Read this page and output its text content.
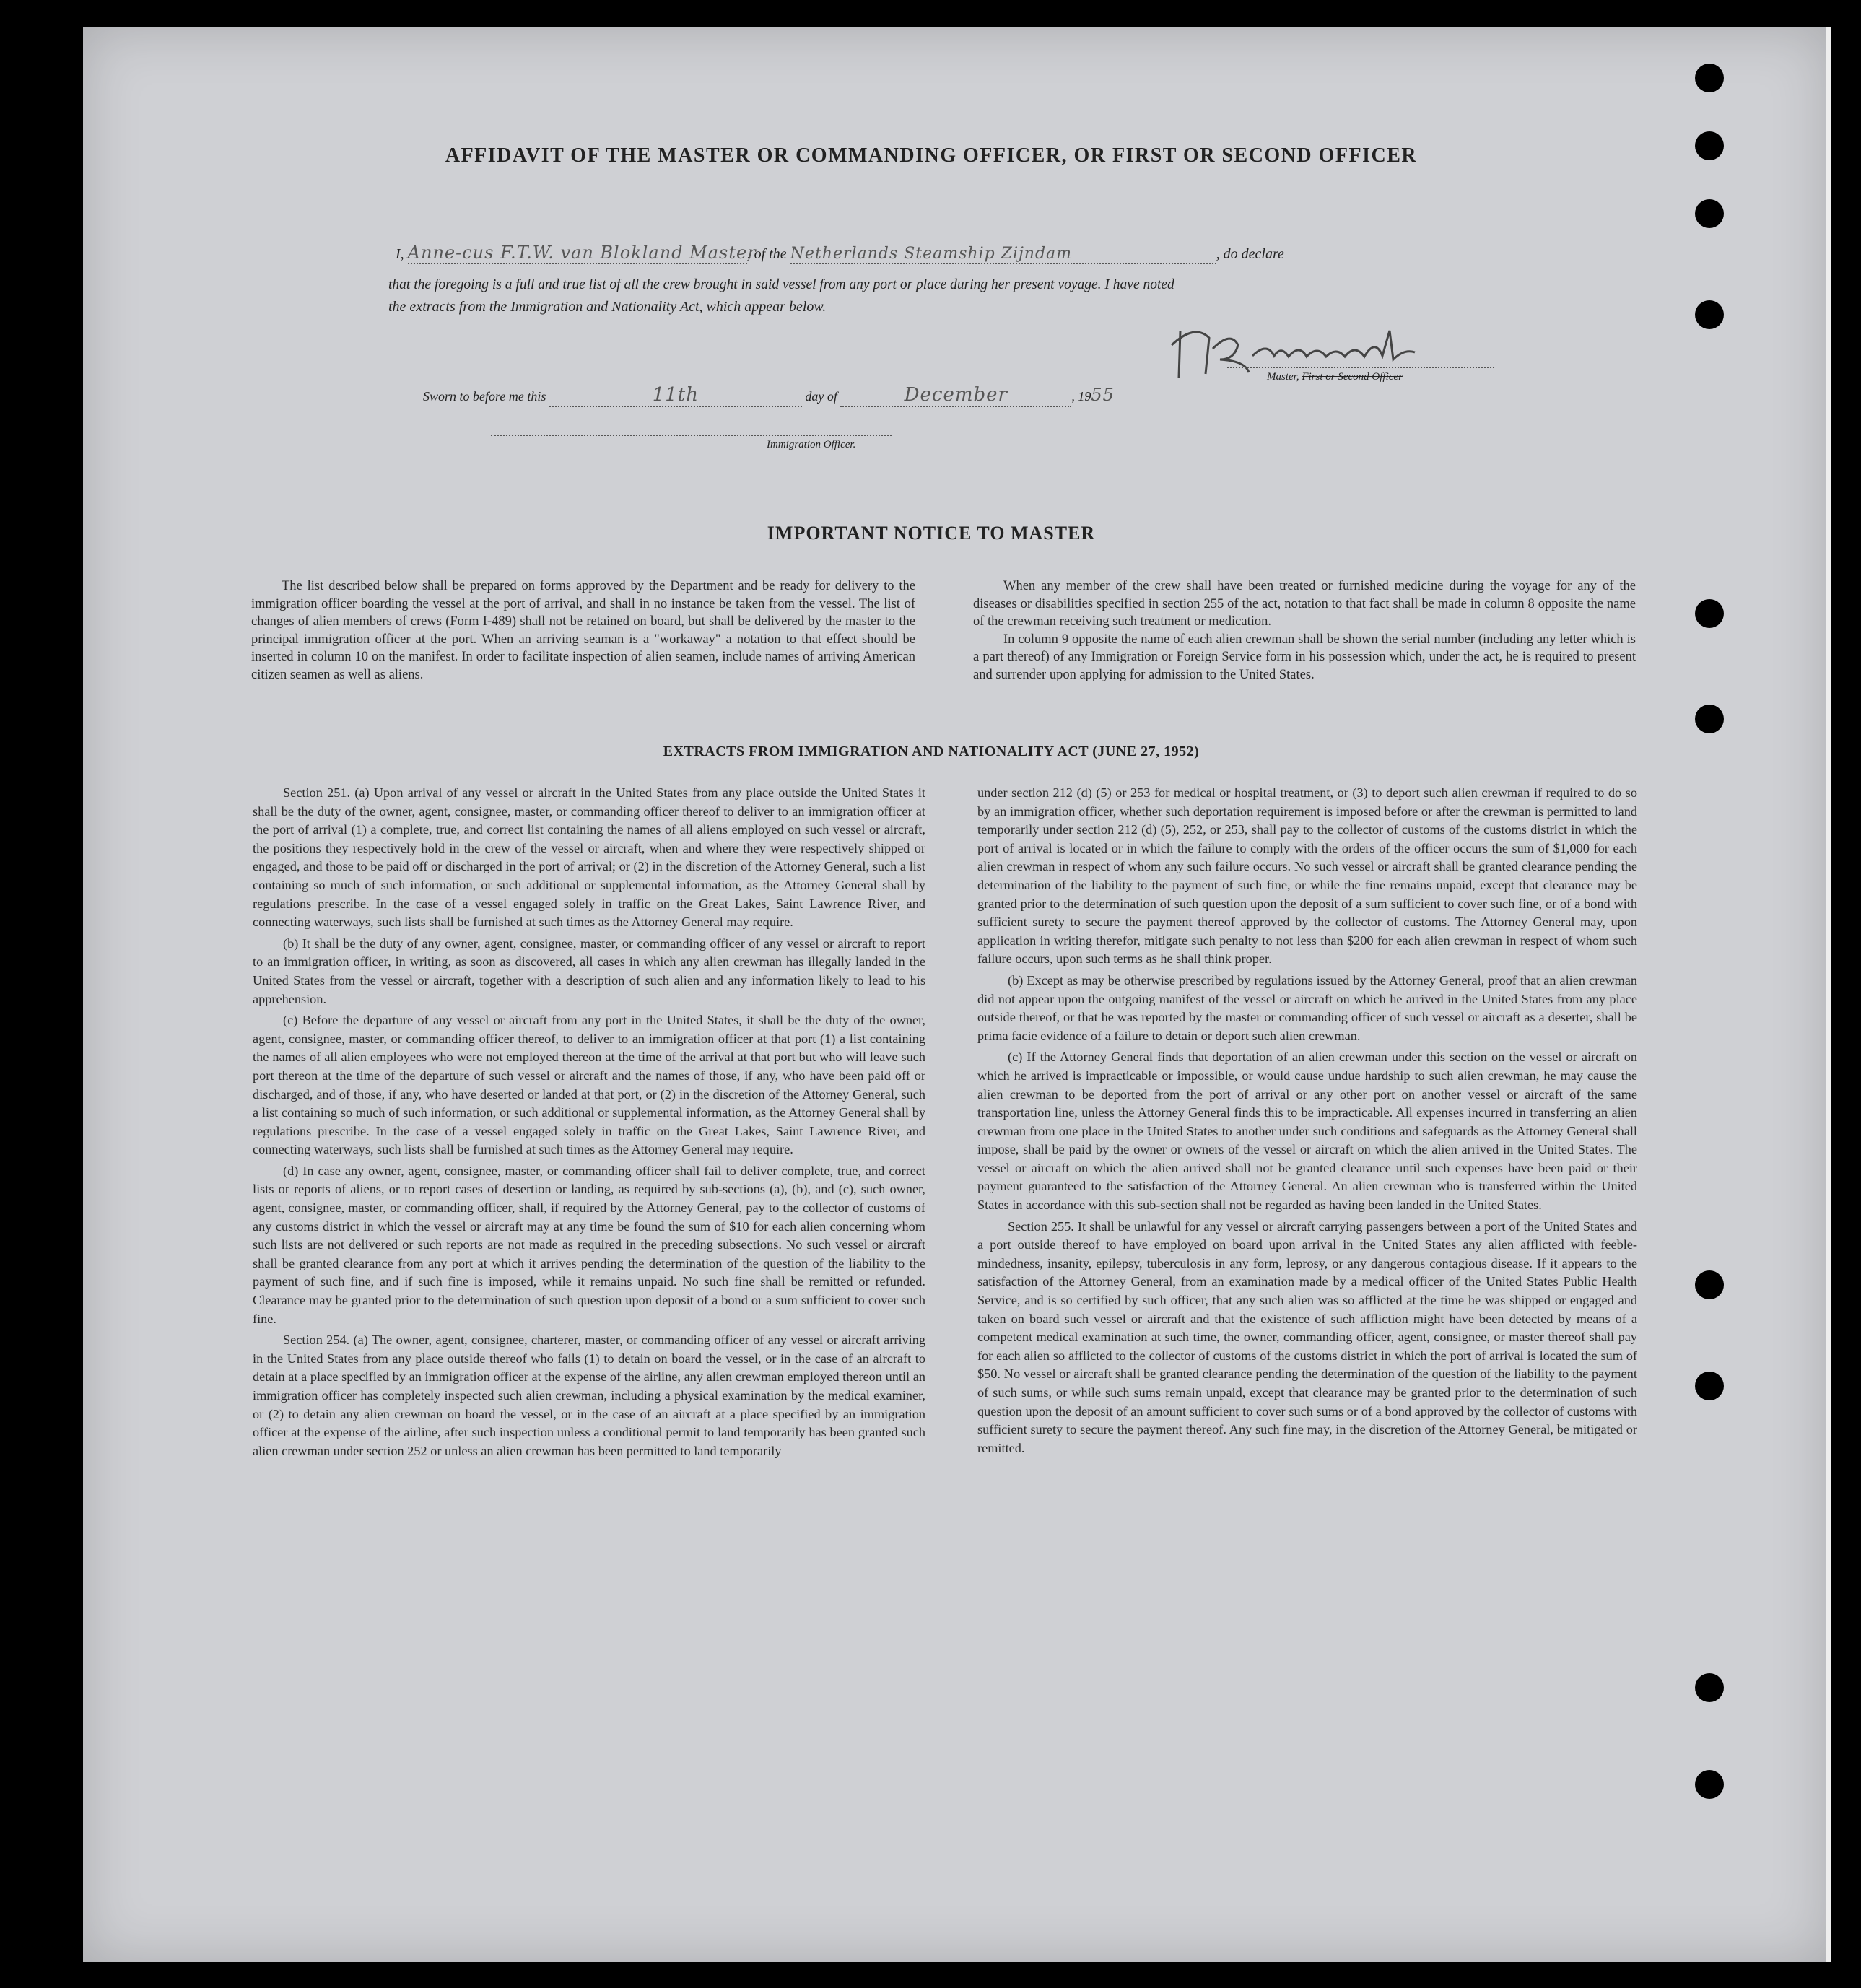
AFFIDAVIT OF THE MASTER OR COMMANDING OFFICER, OR FIRST OR SECOND OFFICER
I, Anne-cus F.T.W. van Blokland Master, of the Netherlands Steamship Zijndam	, do declare
that the foregoing is a full and true list of all the crew brought in said vessel from any port or place during her present voyage. I have noted
the extracts from the Immigration and Nationality Act, which appear below.
Master, First or Second Officer
Sworn to before me this	11th	day of	December	, 1955
Immigration Officer.
IMPORTANT NOTICE TO MASTER

The list described below shall be prepared on forms approved by the Department and be ready for delivery to the immigration officer boarding the vessel at the port of arrival, and shall in no instance be taken from the vessel. The list of changes of alien members of crews (Form I-489) shall not be retained on board, but shall be delivered by the master to the principal immigration officer at the port. When an arriving seaman is a "workaway" a notation to that effect should be inserted in column 10 on the manifest. In order to facilitate inspection of alien seamen, include names of arriving American citizen seamen as well as aliens.

When any member of the crew shall have been treated or furnished medicine during the voyage for any of the diseases or disabilities specified in section 255 of the act, notation to that fact shall be made in column 8 opposite the name of the crewman receiving such treatment or medication.

In column 9 opposite the name of each alien crewman shall be shown the serial number (including any letter which is a part thereof) of any Immigration or Foreign Service form in his possession which, under the act, he is required to present and surrender upon applying for admission to the United States.

EXTRACTS FROM IMMIGRATION AND NATIONALITY ACT (JUNE 27, 1952)

Section 251. (a) Upon arrival of any vessel or aircraft in the United States from any place outside the United States it shall be the duty of the owner, agent, consignee, master, or commanding officer thereof to deliver to an immigration officer at the port of arrival (1) a complete, true, and correct list containing the names of all aliens employed on such vessel or aircraft, the positions they respectively hold in the crew of the vessel or aircraft, when and where they were respectively shipped or engaged, and those to be paid off or discharged in the port of arrival; or (2) in the discretion of the Attorney General, such a list containing so much of such information, or such additional or supplemental information, as the Attorney General shall by regulations prescribe. In the case of a vessel engaged solely in traffic on the Great Lakes, Saint Lawrence River, and connecting waterways, such lists shall be furnished at such times as the Attorney General may require.

(b) It shall be the duty of any owner, agent, consignee, master, or commanding officer of any vessel or aircraft to report to an immigration officer, in writing, as soon as discovered, all cases in which any alien crewman has illegally landed in the United States from the vessel or aircraft, together with a description of such alien and any information likely to lead to his apprehension.

(c) Before the departure of any vessel or aircraft from any port in the United States, it shall be the duty of the owner, agent, consignee, master, or commanding officer thereof, to deliver to an immigration officer at that port (1) a list containing the names of all alien employees who were not employed thereon at the time of the arrival at that port but who will leave such port thereon at the time of the departure of such vessel or aircraft and the names of those, if any, who have been paid off or discharged, and of those, if any, who have deserted or landed at that port, or (2) in the discretion of the Attorney General, such a list containing so much of such information, or such additional or supplemental information, as the Attorney General shall by regulations prescribe. In the case of a vessel engaged solely in traffic on the Great Lakes, Saint Lawrence River, and connecting waterways, such lists shall be furnished at such times as the Attorney General may require.

(d) In case any owner, agent, consignee, master, or commanding officer shall fail to deliver complete, true, and correct lists or reports of aliens, or to report cases of desertion or landing, as required by sub-sections (a), (b), and (c), such owner, agent, consignee, master, or commanding officer, shall, if required by the Attorney General, pay to the collector of customs of any customs district in which the vessel or aircraft may at any time be found the sum of $10 for each alien concerning whom such lists are not delivered or such reports are not made as required in the preceding subsections. No such vessel or aircraft shall be granted clearance from any port at which it arrives pending the determination of the question of the liability to the payment of such fine, and if such fine is imposed, while it remains unpaid. No such fine shall be remitted or refunded. Clearance may be granted prior to the determination of such question upon deposit of a bond or a sum sufficient to cover such fine.

Section 254. (a) The owner, agent, consignee, charterer, master, or commanding officer of any vessel or aircraft arriving in the United States from any place outside thereof who fails (1) to detain on board the vessel, or in the case of an aircraft to detain at a place specified by an immigration officer at the expense of the airline, any alien crewman employed thereon until an immigration officer has completely inspected such alien crewman, including a physical examination by the medical examiner, or (2) to detain any alien crewman on board the vessel, or in the case of an aircraft at a place specified by an immigration officer at the expense of the airline, after such inspection unless a conditional permit to land temporarily has been granted such alien crewman under section 252 or unless an alien crewman has been permitted to land temporarily

under section 212 (d) (5) or 253 for medical or hospital treatment, or (3) to deport such alien crewman if required to do so by an immigration officer, whether such deportation requirement is imposed before or after the crewman is permitted to land temporarily under section 212 (d) (5), 252, or 253, shall pay to the collector of customs of the customs district in which the port of arrival is located or in which the failure to comply with the orders of the officer occurs the sum of $1,000 for each alien crewman in respect of whom any such failure occurs. No such vessel or aircraft shall be granted clearance pending the determination of the liability to the payment of such fine, or while the fine remains unpaid, except that clearance may be granted prior to the determination of such question upon the deposit of a sum sufficient to cover such fine, or of a bond with sufficient surety to secure the payment thereof approved by the collector of customs. The Attorney General may, upon application in writing therefor, mitigate such penalty to not less than $200 for each alien crewman in respect of whom such failure occurs, upon such terms as he shall think proper.

(b) Except as may be otherwise prescribed by regulations issued by the Attorney General, proof that an alien crewman did not appear upon the outgoing manifest of the vessel or aircraft on which he arrived in the United States from any place outside thereof, or that he was reported by the master or commanding officer of such vessel or aircraft as a deserter, shall be prima facie evidence of a failure to detain or deport such alien crewman.

(c) If the Attorney General finds that deportation of an alien crewman under this section on the vessel or aircraft on which he arrived is impracticable or impossible, or would cause undue hardship to such alien crewman, he may cause the alien crewman to be deported from the port of arrival or any other port on another vessel or aircraft of the same transportation line, unless the Attorney General finds this to be impracticable. All expenses incurred in transferring an alien crewman from one place in the United States to another under such conditions and safeguards as the Attorney General shall impose, shall be paid by the owner or owners of the vessel or aircraft on which the alien arrived in the United States. The vessel or aircraft on which the alien arrived shall not be granted clearance until such expenses have been paid or their payment guaranteed to the satisfaction of the Attorney General. An alien crewman who is transferred within the United States in accordance with this sub-section shall not be regarded as having been landed in the United States.

Section 255. It shall be unlawful for any vessel or aircraft carrying passengers between a port of the United States and a port outside thereof to have employed on board upon arrival in the United States any alien afflicted with feeble-mindedness, insanity, epilepsy, tuberculosis in any form, leprosy, or any dangerous contagious disease. If it appears to the satisfaction of the Attorney General, from an examination made by a medical officer of the United States Public Health Service, and is so certified by such officer, that any such alien was so afflicted at the time he was shipped or engaged and taken on board such vessel or aircraft and that the existence of such affliction might have been detected by means of a competent medical examination at such time, the owner, commanding officer, agent, consignee, or master thereof shall pay for each alien so afflicted to the collector of customs of the customs district in which the port of arrival is located the sum of $50. No vessel or aircraft shall be granted clearance pending the determination of the question of the liability to the payment of such sums, or while such sums remain unpaid, except that clearance may be granted prior to the determination of such question upon the deposit of an amount sufficient to cover such sums or of a bond approved by the collector of customs with sufficient surety to secure the payment thereof. Any such fine may, in the discretion of the Attorney General, be mitigated or remitted.
